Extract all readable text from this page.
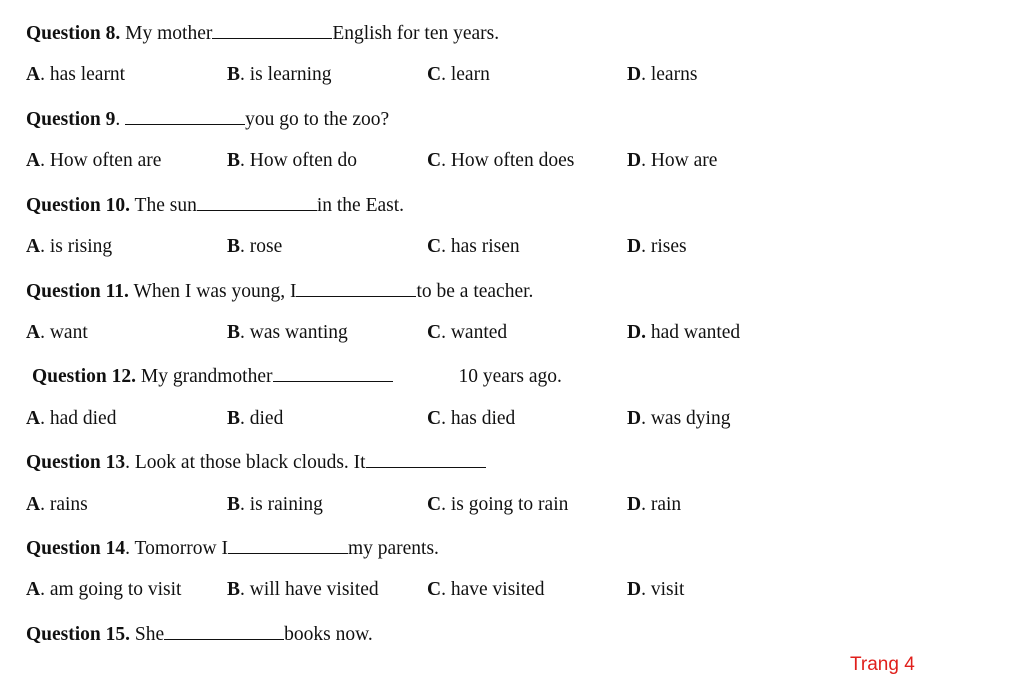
Question 8. My mother	English for ten years.
A. has learnt	B. is learning	C. learn	D. learns
Question 9.	you go to the zoo?
A. How often are	B. How often do	C. How often does	D. How are
Question 10. The sun	in the East.
A. is rising	B. rose	C. has risen	D. rises
Question 11. When I was young, I	to be a teacher.
A. want	B. was wanting	C. wanted	D. had wanted
Question 12. My grandmother	10 years ago.
A. had died	B. died	C. has died	D. was dying
Question 13. Look at those black clouds. It
A. rains	B. is raining	C. is going to rain	D. rain
Question 14. Tomorrow I	my parents.
A. am going to visit B. will have visited C. have visited	D. visit
Question 15. She	books now.
Trang 4
